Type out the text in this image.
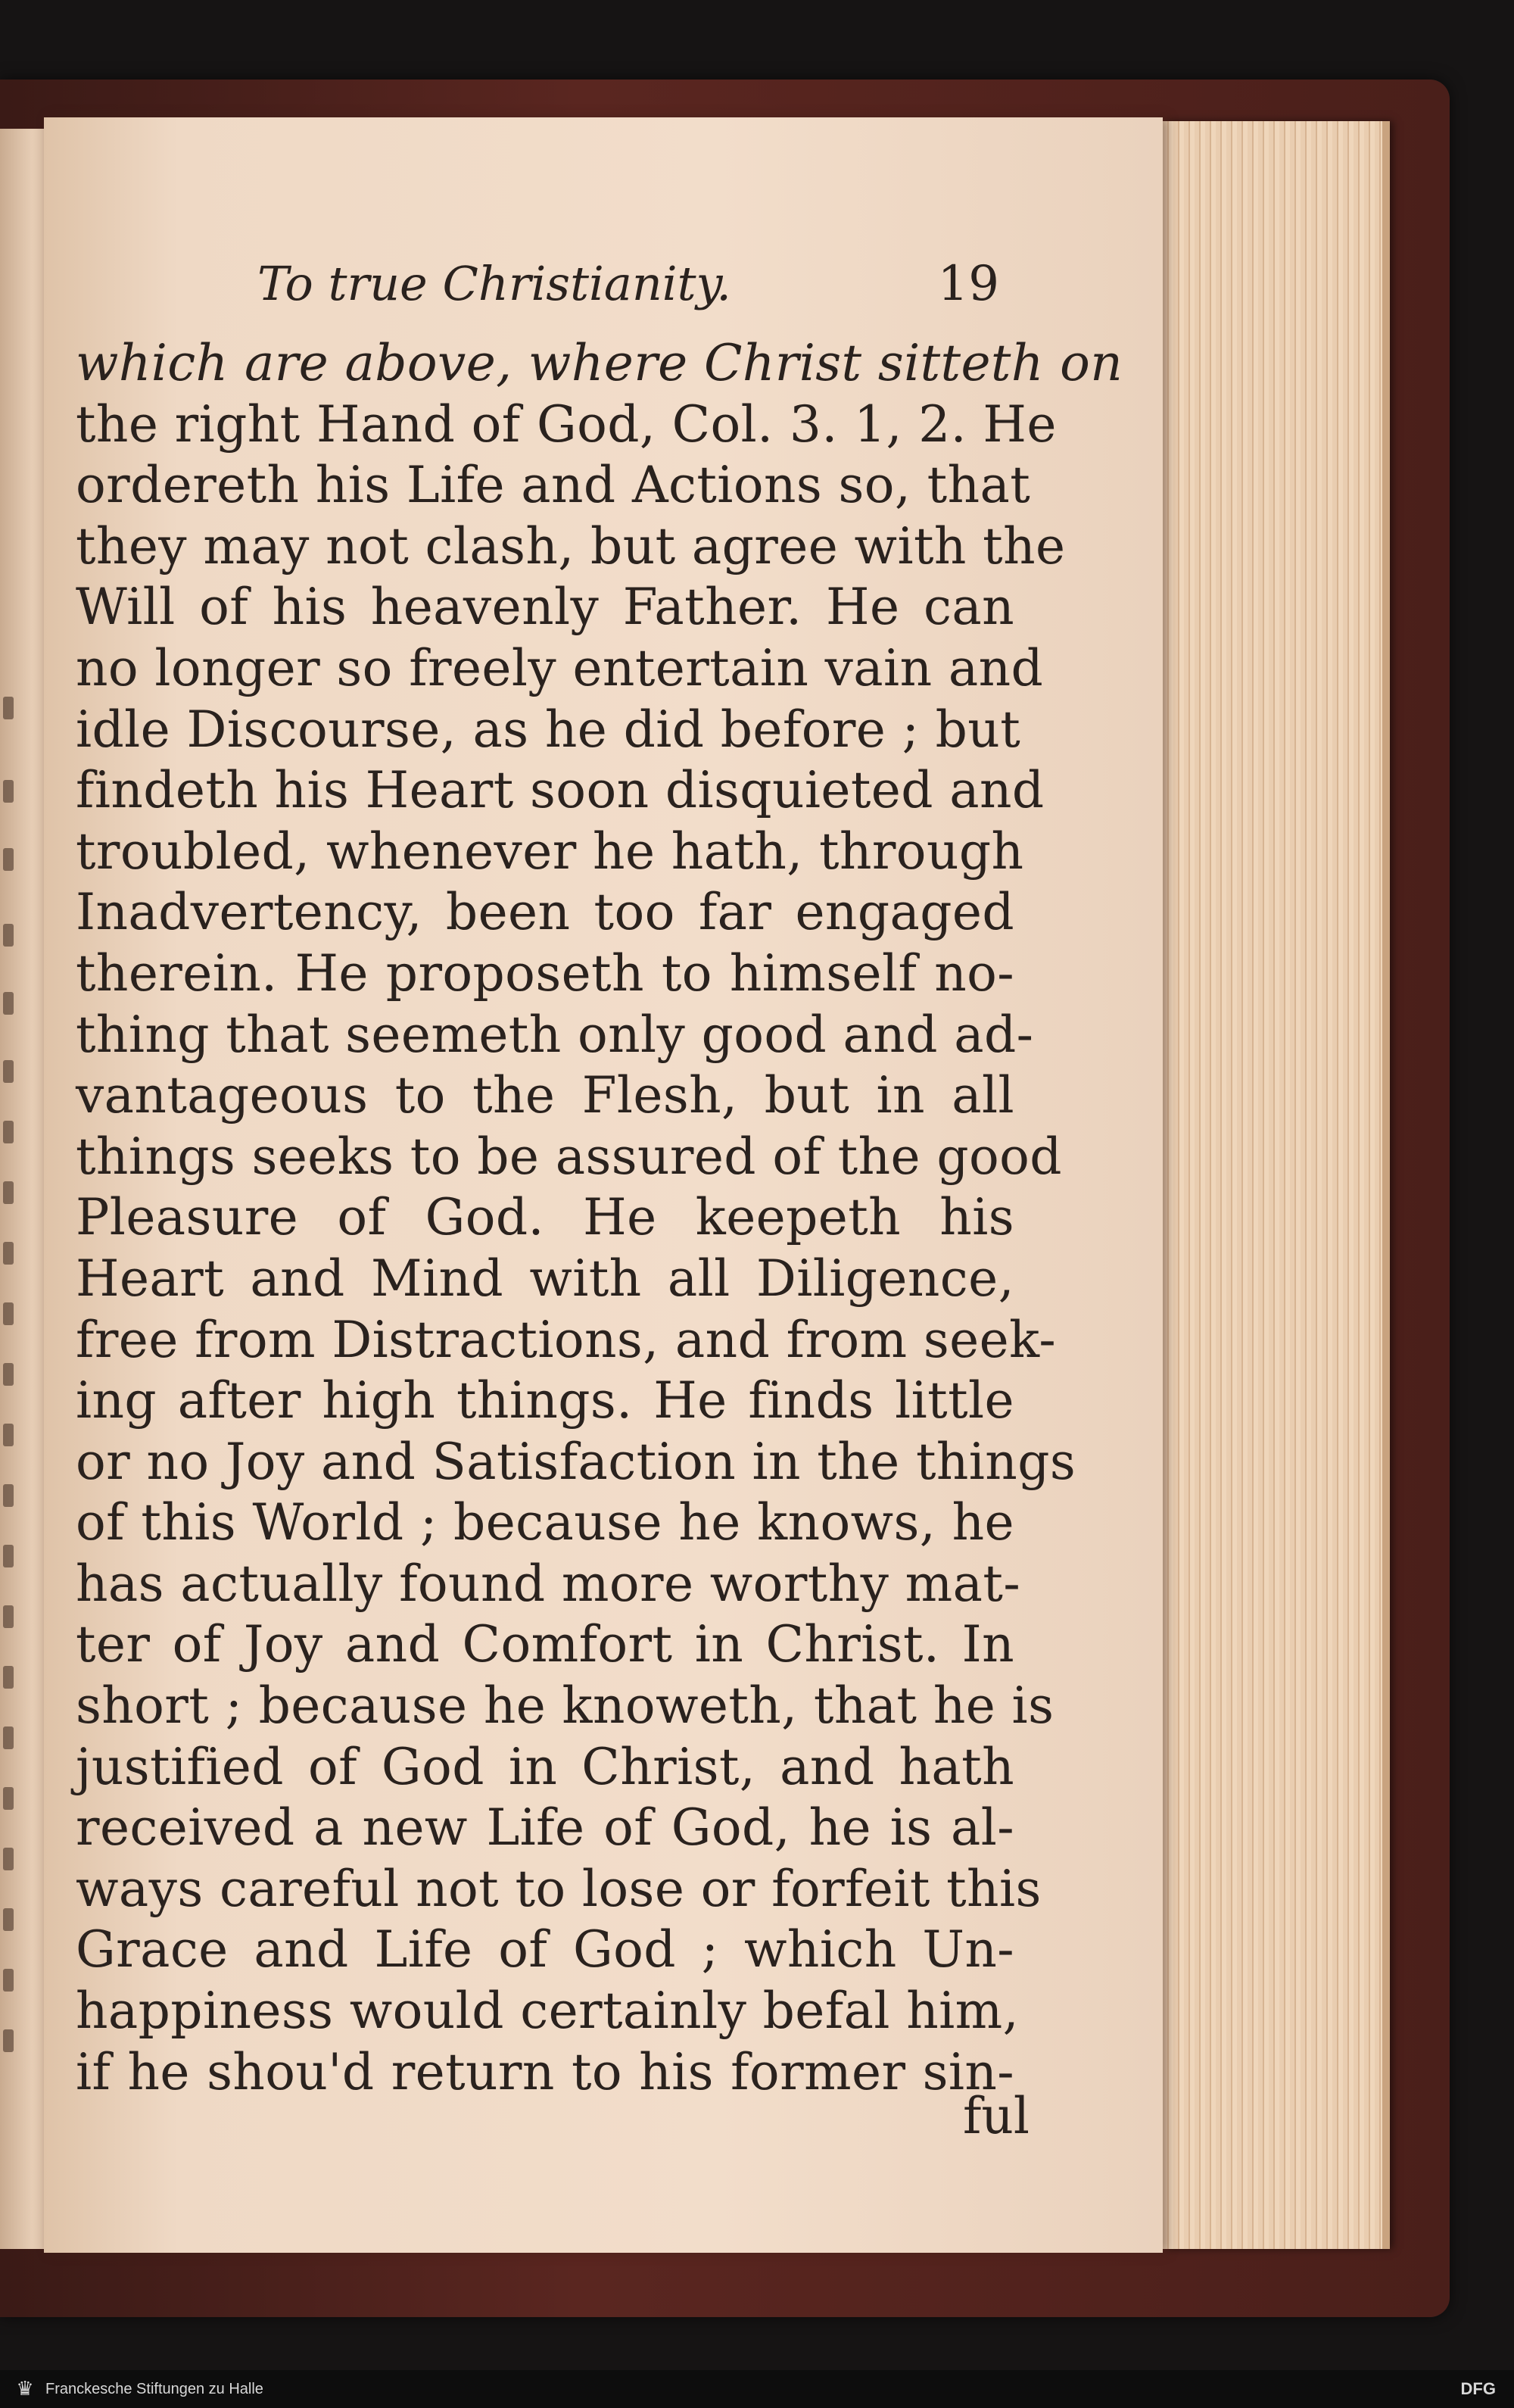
To true Christianity.	19
which are above, where Christ sitteth on
the right Hand of God, Col. 3. 1, 2. He
ordereth his Life and Actions so, that
they may not clash, but agree with the
Will of his heavenly Father. He can
no longer so freely entertain vain and
idle Discourse, as he did before ; but
findeth his Heart soon disquieted and
troubled, whenever he hath, through
Inadvertency, been too far engaged
therein. He proposeth to himself no-
thing that seemeth only good and ad-
vantageous to the Flesh, but in all
things seeks to be assured of the good
Pleasure of God. He keepeth his
Heart and Mind with all Diligence,
free from Distractions, and from seek-
ing after high things. He finds little
or no Joy and Satisfaction in the things
of this World ; because he knows, he
has actually found more worthy mat-
ter of Joy and Comfort in Christ. In
short ; because he knoweth, that he is
justified of God in Christ, and hath
received a new Life of God, he is al-
ways careful not to lose or forfeit this
Grace and Life of God ; which Un-
happiness would certainly befal him,
if he shou'd return to his former sin-
ful
♛ Franckesche Stiftungen zu Halle	DFG
